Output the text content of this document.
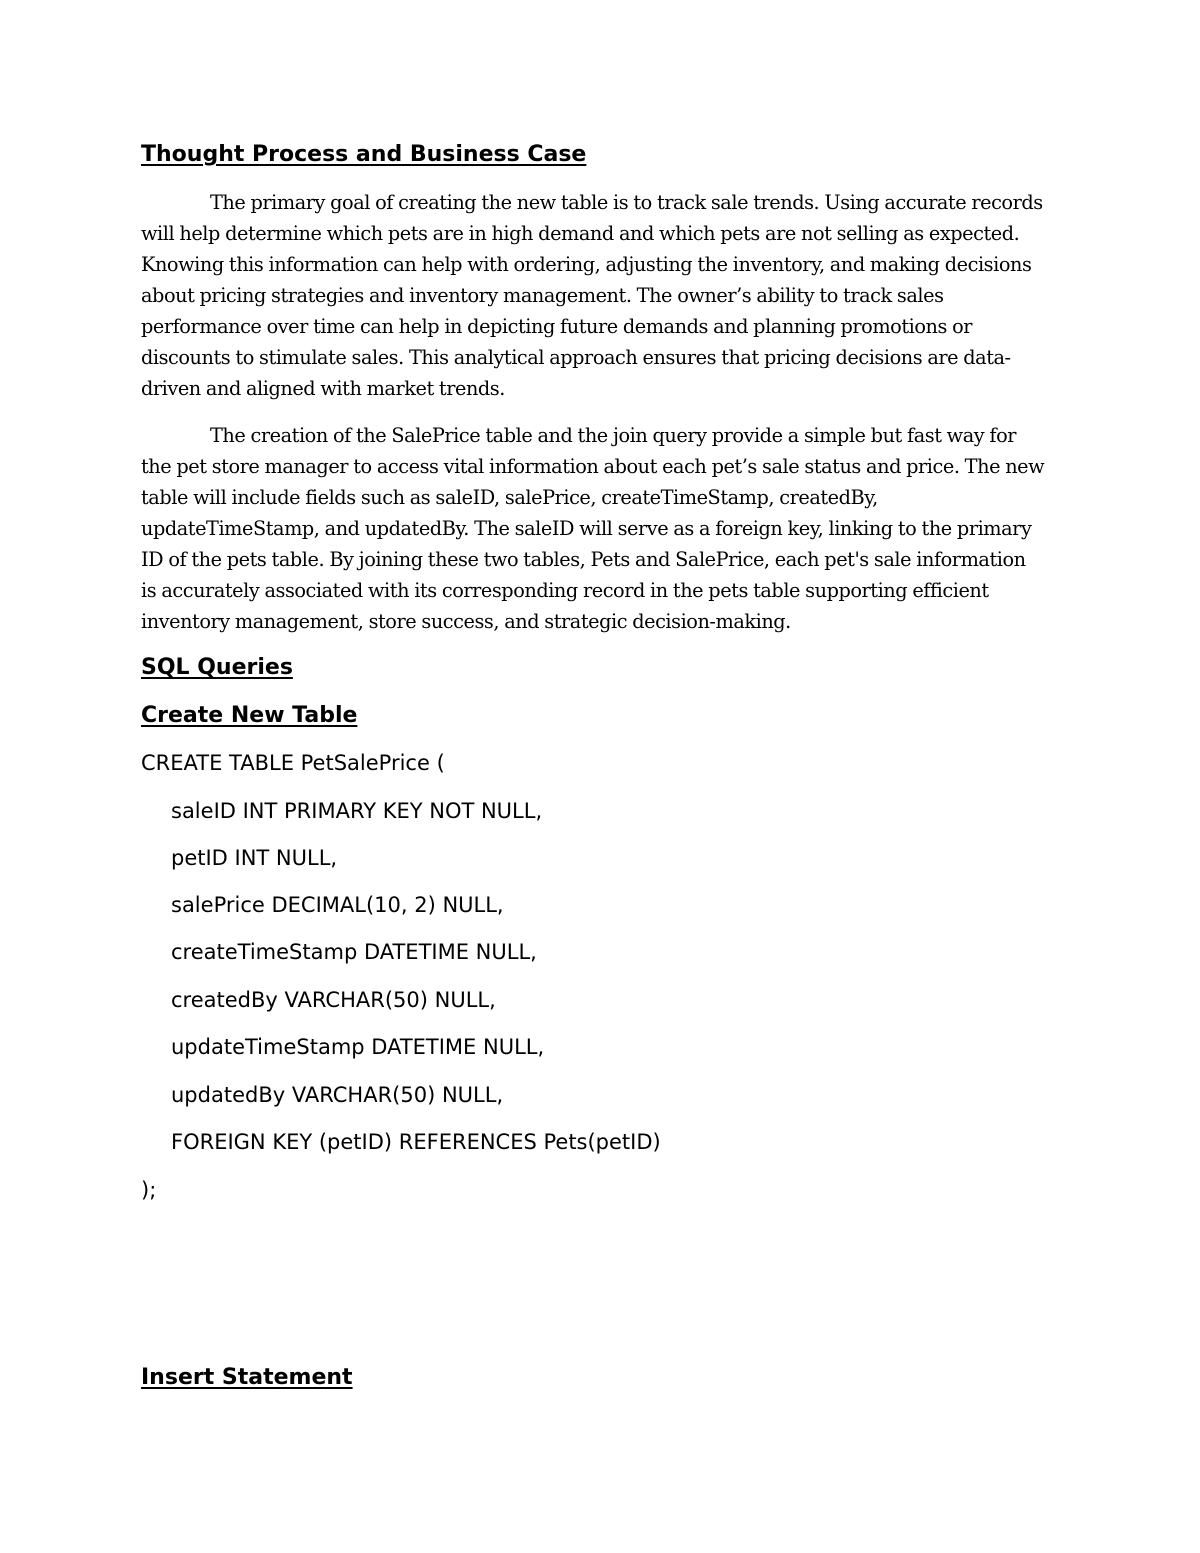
Thought Process and Business Case
The primary goal of creating the new table is to track sale trends. Using accurate records
will help determine which pets are in high demand and which pets are not selling as expected.
Knowing this information can help with ordering, adjusting the inventory, and making decisions
about pricing strategies and inventory management. The owner’s ability to track sales
performance over time can help in depicting future demands and planning promotions or
discounts to stimulate sales. This analytical approach ensures that pricing decisions are data-
driven and aligned with market trends.
The creation of the SalePrice table and the join query provide a simple but fast way for
the pet store manager to access vital information about each pet’s sale status and price. The new
table will include fields such as saleID, salePrice, createTimeStamp, createdBy,
updateTimeStamp, and updatedBy. The saleID will serve as a foreign key, linking to the primary
ID of the pets table. By joining these two tables, Pets and SalePrice, each pet's sale information
is accurately associated with its corresponding record in the pets table supporting efficient
inventory management, store success, and strategic decision-making.
SQL Queries
Create New Table
CREATE TABLE PetSalePrice (
saleID INT PRIMARY KEY NOT NULL,
petID INT NULL,
salePrice DECIMAL(10, 2) NULL,
createTimeStamp DATETIME NULL,
createdBy VARCHAR(50) NULL,
updateTimeStamp DATETIME NULL,
updatedBy VARCHAR(50) NULL,
FOREIGN KEY (petID) REFERENCES Pets(petID)
);
Insert Statement
